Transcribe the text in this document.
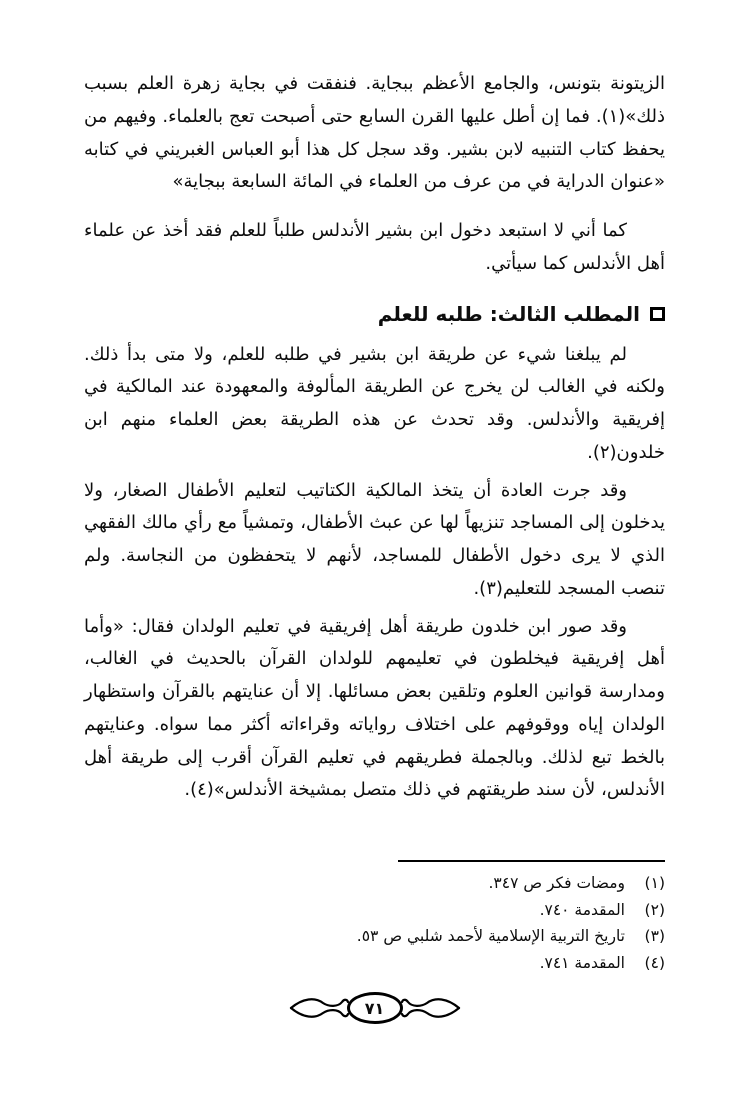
الزيتونة بتونس، والجامع الأعظم ببجاية. فنفقت في بجاية زهرة العلم بسبب ذلك»(١). فما إن أطل عليها القرن السابع حتى أصبحت تعج بالعلماء. وفيهم من يحفظ كتاب التنبيه لابن بشير. وقد سجل كل هذا أبو العباس الغبريني في كتابه «عنوان الدراية في من عرف من العلماء في المائة السابعة ببجاية»

كما أني لا استبعد دخول ابن بشير الأندلس طلباً للعلم فقد أخذ عن علماء أهل الأندلس كما سيأتي.

المطلب الثالث: طلبه للعلم

لم يبلغنا شيء عن طريقة ابن بشير في طلبه للعلم، ولا متى بدأ ذلك. ولكنه في الغالب لن يخرج عن الطريقة المألوفة والمعهودة عند المالكية في إفريقية والأندلس. وقد تحدث عن هذه الطريقة بعض العلماء منهم ابن خلدون(٢).

وقد جرت العادة أن يتخذ المالكية الكتاتيب لتعليم الأطفال الصغار، ولا يدخلون إلى المساجد تنزيهاً لها عن عبث الأطفال، وتمشياً مع رأي مالك الفقهي الذي لا يرى دخول الأطفال للمساجد، لأنهم لا يتحفظون من النجاسة. ولم تنصب المسجد للتعليم(٣).

وقد صور ابن خلدون طريقة أهل إفريقية في تعليم الولدان فقال: «وأما أهل إفريقية فيخلطون في تعليمهم للولدان القرآن بالحديث في الغالب، ومدارسة قوانين العلوم وتلقين بعض مسائلها. إلا أن عنايتهم بالقرآن واستظهار الولدان إياه ووقوفهم على اختلاف رواياته وقراءاته أكثر مما سواه. وعنايتهم بالخط تبع لذلك. وبالجملة فطريقهم في تعليم القرآن أقرب إلى طريقة أهل الأندلس، لأن سند طريقتهم في ذلك متصل بمشيخة الأندلس»(٤).

(١)
ومضات فكر ص ٣٤٧.
(٢)
المقدمة ٧٤٠.
(٣)
تاريخ التربية الإسلامية لأحمد شلبي ص ٥٣.
(٤)
المقدمة ٧٤١.
٧١
